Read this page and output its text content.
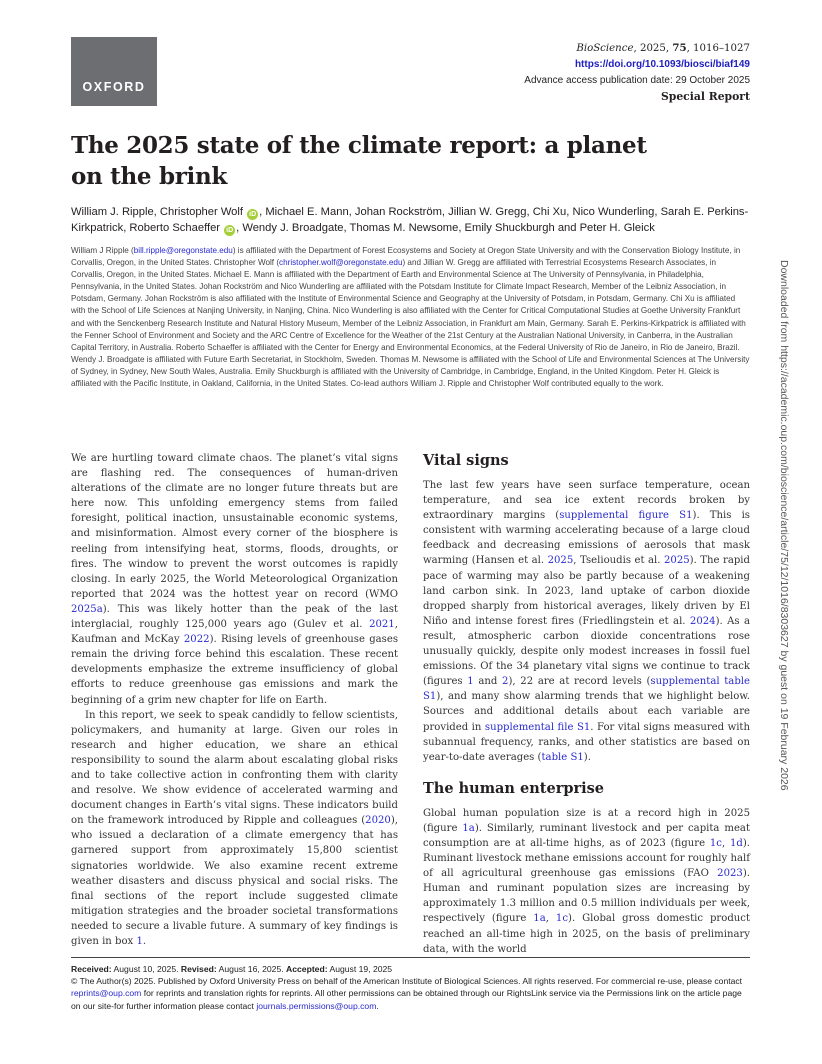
OXFORD
BioScience, 2025, 75, 1016–1027
https://doi.org/10.1093/biosci/biaf149
Advance access publication date: 29 October 2025
Special Report
The 2025 state of the climate report: a planet on the brink
William J. Ripple, Christopher Wolf iD , Michael E. Mann, Johan Rockström, Jillian W. Gregg, Chi Xu, Nico Wunderling, Sarah E. Perkins-Kirkpatrick, Roberto Schaeffer iD , Wendy J. Broadgate, Thomas M. Newsome, Emily Shuckburgh and Peter H. Gleick
William J Ripple (bill.ripple@oregonstate.edu) is affiliated with the Department of Forest Ecosystems and Society at Oregon State University and with the Conservation Biology Institute, in Corvallis, Oregon, in the United States. Christopher Wolf (christopher.wolf@oregonstate.edu) and Jillian W. Gregg are affiliated with Terrestrial Ecosystems Research Associates, in Corvallis, Oregon, in the United States. Michael E. Mann is affiliated with the Department of Earth and Environmental Science at The University of Pennsylvania, in Philadelphia, Pennsylvania, in the United States. Johan Rockström and Nico Wunderling are affiliated with the Potsdam Institute for Climate Impact Research, Member of the Leibniz Association, in Potsdam, Germany. Johan Rockström is also affiliated with the Institute of Environmental Science and Geography at the University of Potsdam, in Potsdam, Germany. Chi Xu is affiliated with the School of Life Sciences at Nanjing University, in Nanjing, China. Nico Wunderling is also affiliated with the Center for Critical Computational Studies at Goethe University Frankfurt and with the Senckenberg Research Institute and Natural History Museum, Member of the Leibniz Association, in Frankfurt am Main, Germany. Sarah E. Perkins-Kirkpatrick is affiliated with the Fenner School of Environment and Society and the ARC Centre of Excellence for the Weather of the 21st Century at the Australian National University, in Canberra, in the Australian Capital Territory, in Australia. Roberto Schaeffer is affiliated with the Center for Energy and Environmental Economics, at the Federal University of Rio de Janeiro, in Rio de Janeiro, Brazil. Wendy J. Broadgate is affiliated with Future Earth Secretariat, in Stockholm, Sweden. Thomas M. Newsome is affiliated with the School of Life and Environmental Sciences at The University of Sydney, in Sydney, New South Wales, Australia. Emily Shuckburgh is affiliated with the University of Cambridge, in Cambridge, England, in the United Kingdom. Peter H. Gleick is affiliated with the Pacific Institute, in Oakland, California, in the United States. Co-lead authors William J. Ripple and Christopher Wolf contributed equally to the work.	Downloaded from https://academic.oup.com/bioscience/article/75/12/1016/8303627 by guest on 19 February 2026

We are hurtling toward climate chaos. The planet’s vital signs are flashing red. The consequences of human-driven alterations of the climate are no longer future threats but are here now. This unfolding emergency stems from failed foresight, political inaction, unsustainable economic systems, and misinformation. Almost every corner of the biosphere is reeling from intensifying heat, storms, floods, droughts, or fires. The window to prevent the worst outcomes is rapidly closing. In early 2025, the World Meteorological Organization reported that 2024 was the hottest year on record (WMO 2025a). This was likely hotter than the peak of the last interglacial, roughly 125,000 years ago (Gulev et al. 2021, Kaufman and McKay 2022). Rising levels of greenhouse gases remain the driving force behind this escalation. These recent developments emphasize the extreme insufficiency of global efforts to reduce greenhouse gas emissions and mark the beginning of a grim new chapter for life on Earth.

In this report, we seek to speak candidly to fellow scientists, policymakers, and humanity at large. Given our roles in research and higher education, we share an ethical responsibility to sound the alarm about escalating global risks and to take collective action in confronting them with clarity and resolve. We show evidence of accelerated warming and document changes in Earth’s vital signs. These indicators build on the framework introduced by Ripple and colleagues (2020), who issued a declaration of a climate emergency that has garnered support from approximately 15,800 scientist signatories worldwide. We also examine recent extreme weather disasters and discuss physical and social risks. The final sections of the report include suggested climate mitigation strategies and the broader societal transformations needed to secure a livable future. A summary of key findings is given in box 1.

Vital signs

The last few years have seen surface temperature, ocean temperature, and sea ice extent records broken by extraordinary margins (supplemental figure S1). This is consistent with warming accelerating because of a large cloud feedback and decreasing emissions of aerosols that mask warming (Hansen et al. 2025, Tselioudis et al. 2025). The rapid pace of warming may also be partly because of a weakening land carbon sink. In 2023, land uptake of carbon dioxide dropped sharply from historical averages, likely driven by El Niño and intense forest fires (Friedlingstein et al. 2024). As a result, atmospheric carbon dioxide concentrations rose unusually quickly, despite only modest increases in fossil fuel emissions. Of the 34 planetary vital signs we continue to track (figures 1 and 2), 22 are at record levels (supplemental table S1), and many show alarming trends that we highlight below. Sources and additional details about each variable are provided in supplemental file S1. For vital signs measured with subannual frequency, ranks, and other statistics are based on year-to-date averages (table S1).

The human enterprise

Global human population size is at a record high in 2025 (figure 1a). Similarly, ruminant livestock and per capita meat consumption are at all-time highs, as of 2023 (figure 1c, 1d). Ruminant livestock methane emissions account for roughly half of all agricultural greenhouse gas emissions (FAO 2023). Human and ruminant population sizes are increasing by approximately 1.3 million and 0.5 million individuals per week, respectively (figure 1a, 1c). Global gross domestic product reached an all-time high in 2025, on the basis of preliminary data, with the world

Received: August 10, 2025. Revised: August 16, 2025. Accepted: August 19, 2025
© The Author(s) 2025. Published by Oxford University Press on behalf of the American Institute of Biological Sciences. All rights reserved. For commercial re-use, please contact reprints@oup.com for reprints and translation rights for reprints. All other permissions can be obtained through our RightsLink service via the Permissions link on the article page on our site-for further information please contact journals.permissions@oup.com.
